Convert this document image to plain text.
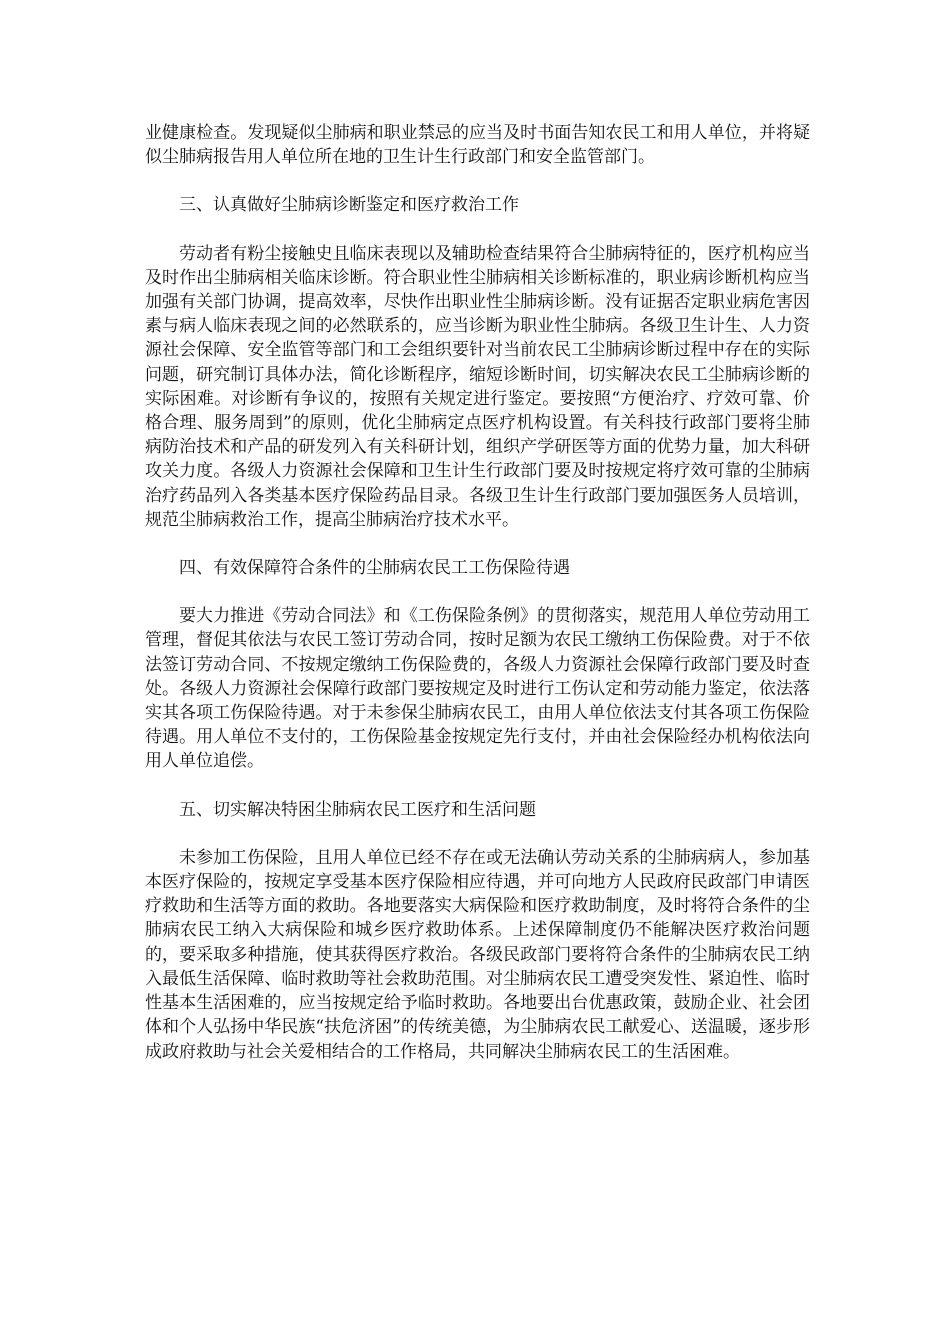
业健康检查。发现疑似尘肺病和职业禁忌的应当及时书面告知农民工和用人单位，并将疑似尘肺病报告用人单位所在地的卫生计生行政部门和安全监管部门。

三、认真做好尘肺病诊断鉴定和医疗救治工作

劳动者有粉尘接触史且临床表现以及辅助检查结果符合尘肺病特征的，医疗机构应当及时作出尘肺病相关临床诊断。符合职业性尘肺病相关诊断标准的，职业病诊断机构应当加强有关部门协调，提高效率，尽快作出职业性尘肺病诊断。没有证据否定职业病危害因素与病人临床表现之间的必然联系的，应当诊断为职业性尘肺病。各级卫生计生、人力资源社会保障、安全监管等部门和工会组织要针对当前农民工尘肺病诊断过程中存在的实际问题，研究制订具体办法，简化诊断程序，缩短诊断时间，切实解决农民工尘肺病诊断的实际困难。对诊断有争议的，按照有关规定进行鉴定。要按照“方便治疗、疗效可靠、价格合理、服务周到”的原则，优化尘肺病定点医疗机构设置。有关科技行政部门要将尘肺病防治技术和产品的研发列入有关科研计划，组织产学研医等方面的优势力量，加大科研攻关力度。各级人力资源社会保障和卫生计生行政部门要及时按规定将疗效可靠的尘肺病治疗药品列入各类基本医疗保险药品目录。各级卫生计生行政部门要加强医务人员培训，规范尘肺病救治工作，提高尘肺病治疗技术水平。

四、有效保障符合条件的尘肺病农民工工伤保险待遇

要大力推进《劳动合同法》和《工伤保险条例》的贯彻落实，规范用人单位劳动用工管理，督促其依法与农民工签订劳动合同，按时足额为农民工缴纳工伤保险费。对于不依法签订劳动合同、不按规定缴纳工伤保险费的，各级人力资源社会保障行政部门要及时查处。各级人力资源社会保障行政部门要按规定及时进行工伤认定和劳动能力鉴定，依法落实其各项工伤保险待遇。对于未参保尘肺病农民工，由用人单位依法支付其各项工伤保险待遇。用人单位不支付的，工伤保险基金按规定先行支付，并由社会保险经办机构依法向用人单位追偿。

五、切实解决特困尘肺病农民工医疗和生活问题

未参加工伤保险，且用人单位已经不存在或无法确认劳动关系的尘肺病病人，参加基本医疗保险的，按规定享受基本医疗保险相应待遇，并可向地方人民政府民政部门申请医疗救助和生活等方面的救助。各地要落实大病保险和医疗救助制度，及时将符合条件的尘肺病农民工纳入大病保险和城乡医疗救助体系。上述保障制度仍不能解决医疗救治问题的，要采取多种措施，使其获得医疗救治。各级民政部门要将符合条件的尘肺病农民工纳入最低生活保障、临时救助等社会救助范围。对尘肺病农民工遭受突发性、紧迫性、临时性基本生活困难的，应当按规定给予临时救助。各地要出台优惠政策，鼓励企业、社会团体和个人弘扬中华民族“扶危济困”的传统美德，为尘肺病农民工献爱心、送温暖，逐步形成政府救助与社会关爱相结合的工作格局，共同解决尘肺病农民工的生活困难。
